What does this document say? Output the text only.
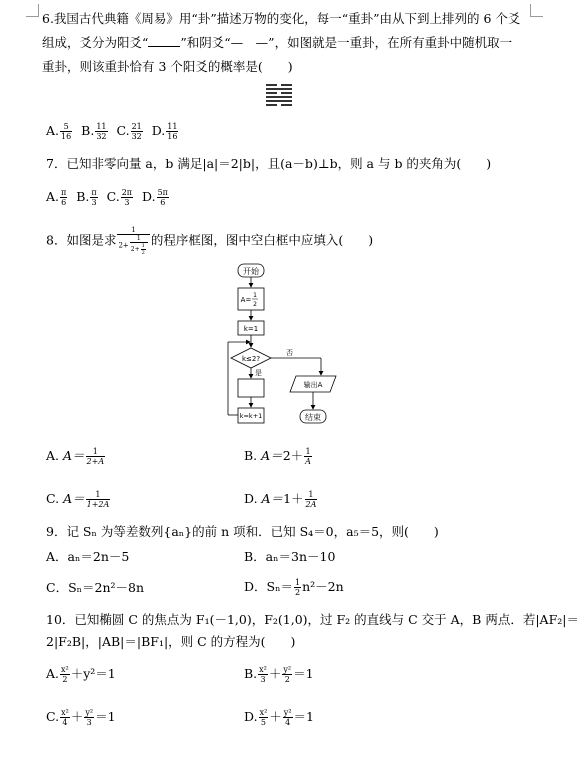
6.我国古代典籍《周易》用“卦”描述万物的变化，每一“重卦”由从下到上排列的 6 个爻
组成，爻分为阳爻“	”和阴爻“—　—”，如图就是一重卦，在所有重卦中随机取一
重卦，则该重卦恰有 3 个阳爻的概率是(　　)
A. $\frac{5}{16} B$. $\frac{11}{32} C$. $\frac{21}{32} D$. $\frac{11}{16}$
7．已知非零向量 a，b 满足|a|＝2|b|，且(a－b)⊥b，则 a 与 b 的夹角为(　　)
A. $\frac{\pi}{6} B$. $\frac{\pi}{3} C$. $\frac{2\pi}{3} D$. $\frac{5\pi}{6}$
8．如图是求 $\frac{1}{2+ \frac{1}{2+ \frac{1}{2}}}$ 的程序框图，图中空白框中应填入(　　)
开始
A=
1
2
k=1
k≤2?
否
输出A
结束
是
k=k+1
A. $A= \frac{1}{2+A}$	B. $A=2+ \frac{1}{A}$
C. $A= \frac{1}{1+2A}$	D. $A=1+ \frac{1}{2A}$
9．记 Sₙ 为等差数列{aₙ}的前 n 项和．已知 S₄＝0，a₅＝5，则(　　)
A．aₙ＝2n－5	B．aₙ＝3n－10
C．Sₙ＝2n²－8n	D．$S_n= \frac{1}{2} n^2-2n$
10．已知椭圆 C 的焦点为 F₁(－1,0)，F₂(1,0)，过 F₂ 的直线与 C 交于 A，B 两点．若|AF₂|＝
2|F₂B|，|AB|＝|BF₁|，则 C 的方程为(　　)
A. $\frac{\text{x²}}{2} +y^2=1$	B. $\frac{\text{x²}}{3} + \frac{\text{y²}}{2} =1$
C. $\frac{\text{x²}}{4} + \frac{\text{y²}}{3} =1$	D. $\frac{\text{x²}}{5} + \frac{\text{y²}}{4} =1$
